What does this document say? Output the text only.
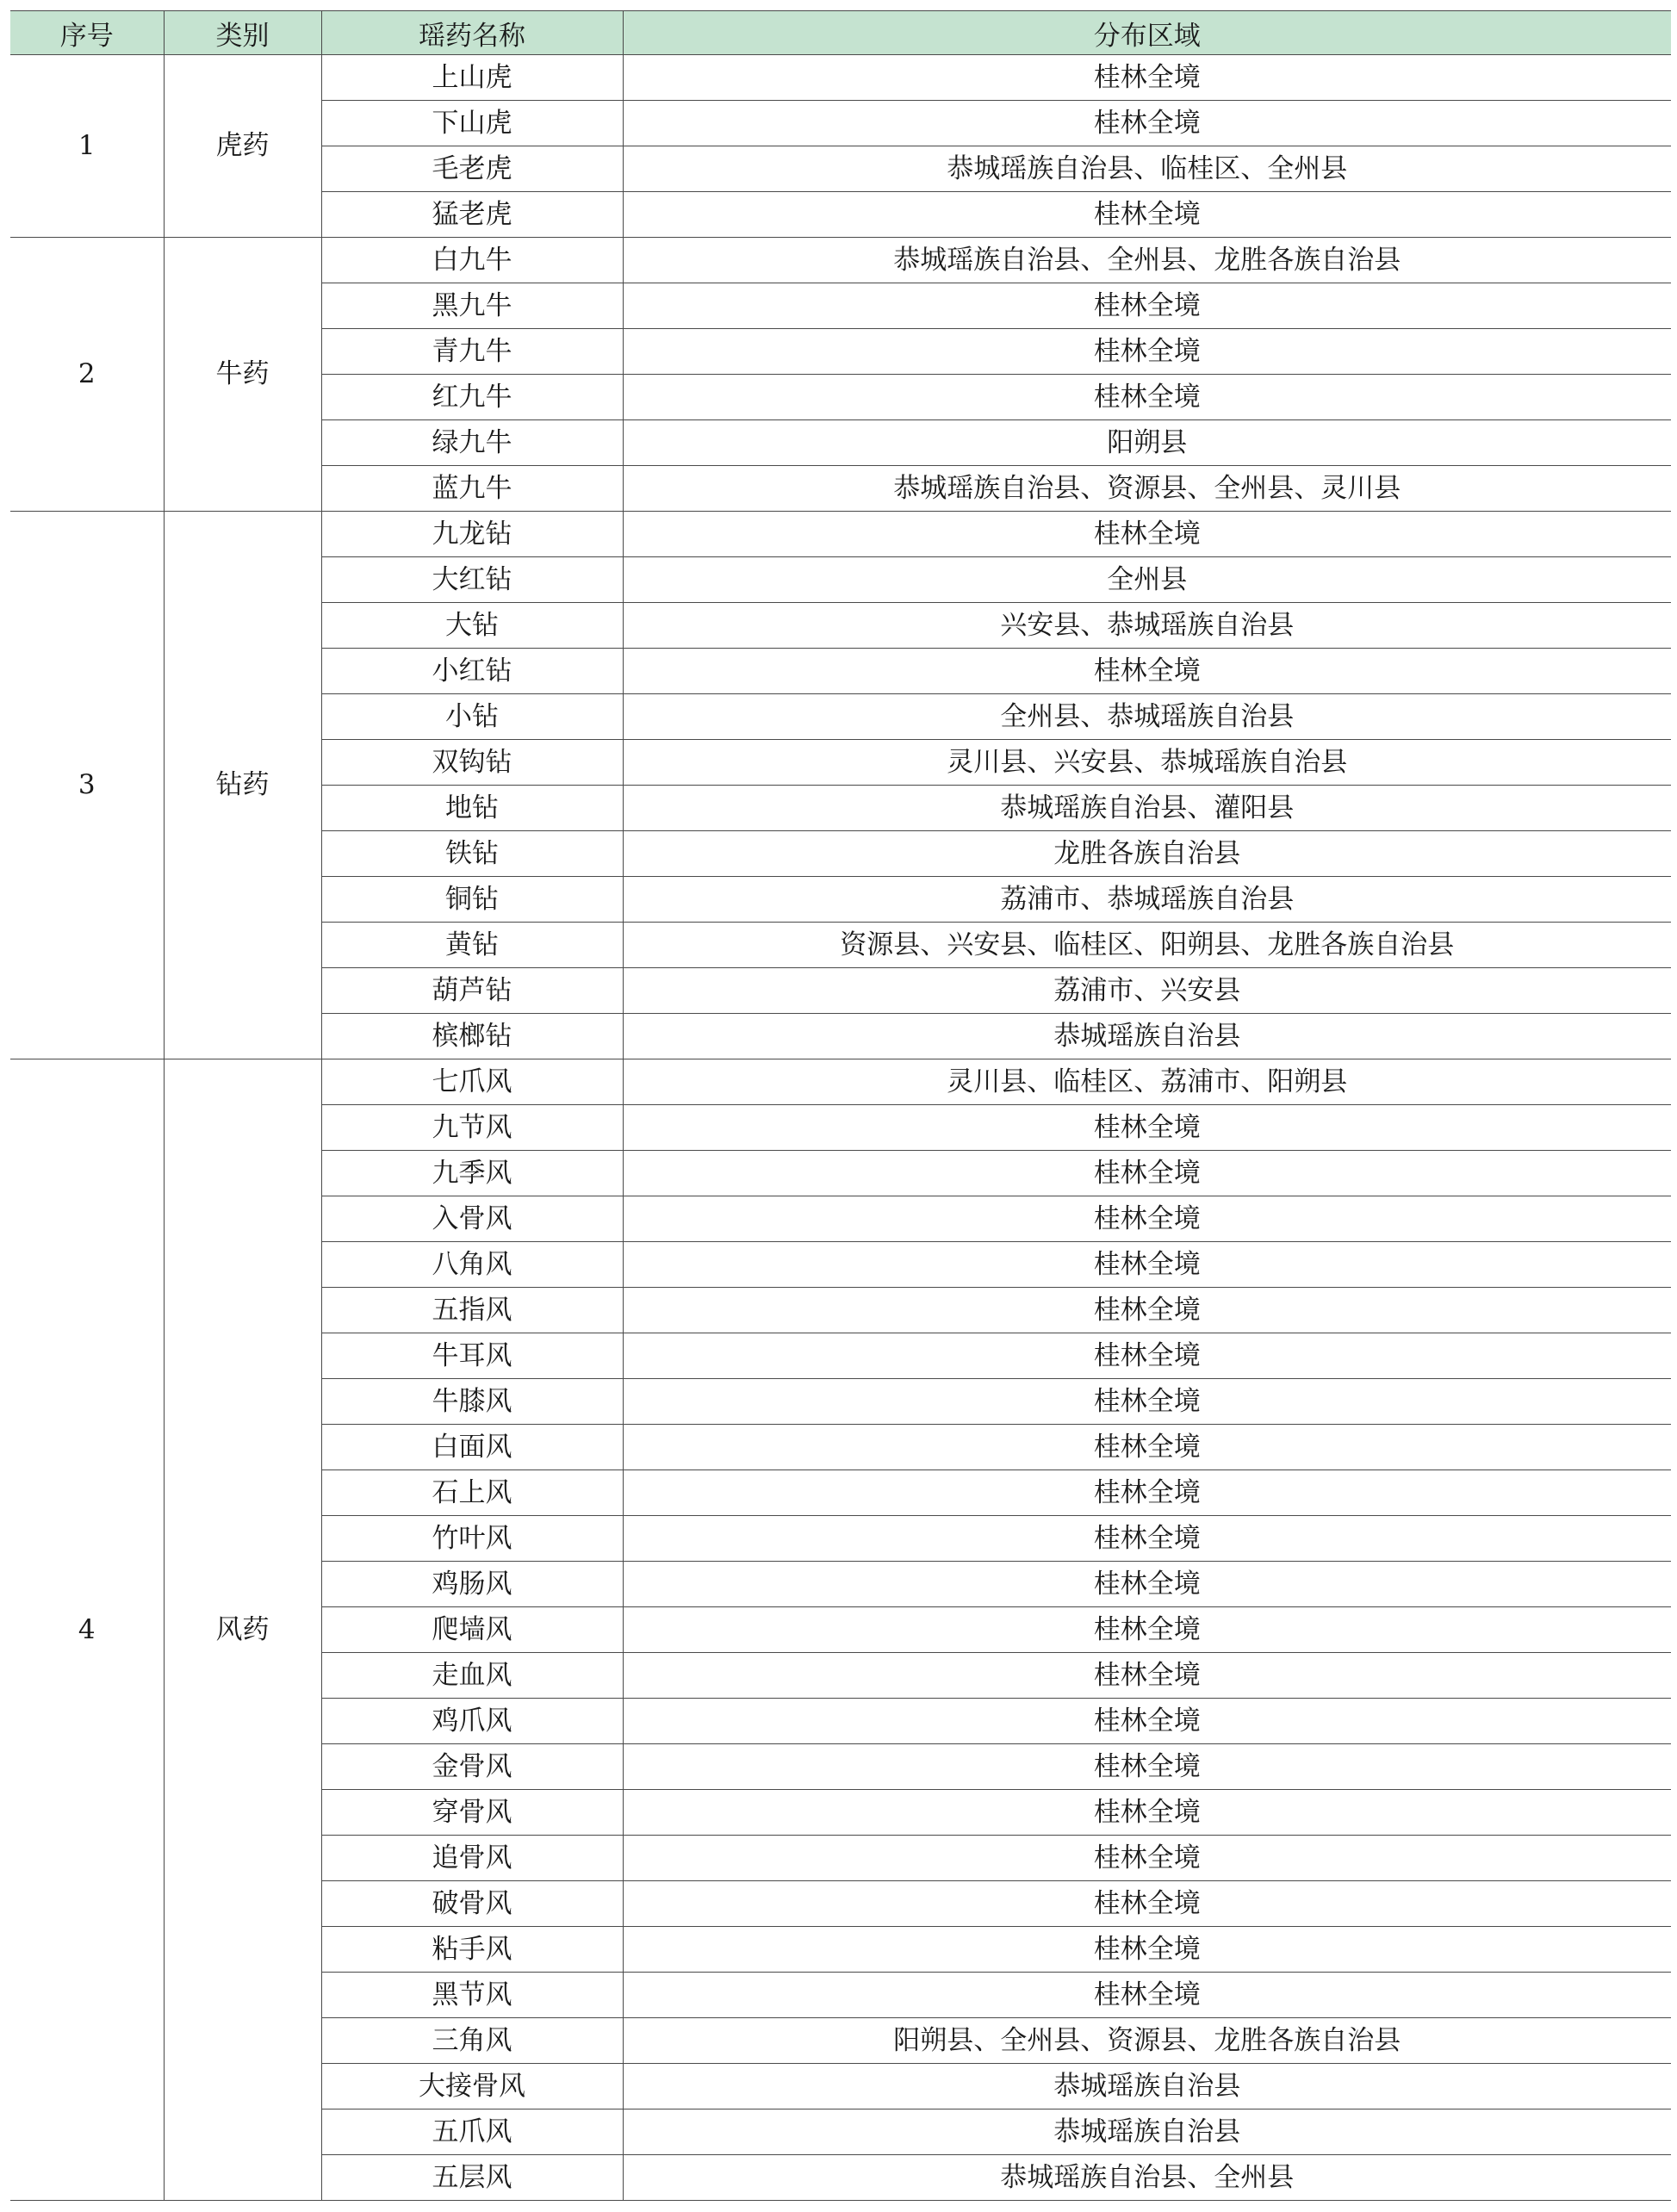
序号	类别	瑶药名称	分布区域
1	虎药	上山虎	桂林全境
		下山虎	桂林全境
		毛老虎	恭城瑶族自治县、临桂区、全州县
		猛老虎	桂林全境
2	牛药	白九牛	恭城瑶族自治县、全州县、龙胜各族自治县
		黑九牛	桂林全境
		青九牛	桂林全境
		红九牛	桂林全境
		绿九牛	阳朔县
		蓝九牛	恭城瑶族自治县、资源县、全州县、灵川县
3	钻药	九龙钻	桂林全境
		大红钻	全州县
		大钻	兴安县、恭城瑶族自治县
		小红钻	桂林全境
		小钻	全州县、恭城瑶族自治县
		双钩钻	灵川县、兴安县、恭城瑶族自治县
		地钻	恭城瑶族自治县、灌阳县
		铁钻	龙胜各族自治县
		铜钻	荔浦市、恭城瑶族自治县
		黄钻	资源县、兴安县、临桂区、阳朔县、龙胜各族自治县
		葫芦钻	荔浦市、兴安县
		槟榔钻	恭城瑶族自治县
4	风药	七爪风	灵川县、临桂区、荔浦市、阳朔县
		九节风	桂林全境
		九季风	桂林全境
		入骨风	桂林全境
		八角风	桂林全境
		五指风	桂林全境
		牛耳风	桂林全境
		牛膝风	桂林全境
		白面风	桂林全境
		石上风	桂林全境
		竹叶风	桂林全境
		鸡肠风	桂林全境
		爬墙风	桂林全境
		走血风	桂林全境
		鸡爪风	桂林全境
		金骨风	桂林全境
		穿骨风	桂林全境
		追骨风	桂林全境
		破骨风	桂林全境
		粘手风	桂林全境
		黑节风	桂林全境
		三角风	阳朔县、全州县、资源县、龙胜各族自治县
		大接骨风	恭城瑶族自治县
		五爪风	恭城瑶族自治县
		五层风	恭城瑶族自治县、全州县
